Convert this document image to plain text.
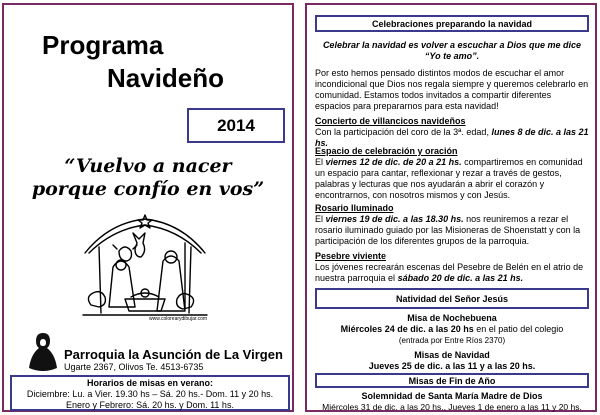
Programa
Navideño
2014
“Vuelvo a nacer
porque confío en vos”
www.colorearydibujar.com
Parroquia la Asunción de La Virgen
Ugarte 2367, Olivos Te. 4513-6735
Horarios de misas en verano:
Diciembre: Lu. a Vier. 19.30 hs – Sá. 20 hs.- Dom. 11 y 20 hs.
Enero y Febrero: Sá. 20 hs. y Dom. 11 hs.
Celebraciones preparando la navidad
Celebrar la navidad es volver a escuchar a Dios que me dice
“Yo te amo”.
Por esto hemos pensado distintos modos de escuchar el amor incondicional que Dios nos regala siempre y queremos celebrarlo en comunidad. Estamos todos invitados a compartir diferentes espacios para prepararnos para esta navidad!
Concierto de villancicos navideños
Con la participación del coro de la 3ª. edad, lunes 8 de dic. a las 21 hs.
Espacio de celebración y oración
El viernes 12 de dic. de 20 a 21 hs. compartiremos en comunidad un espacio para cantar, reflexionar y rezar a través de gestos, palabras y lecturas que nos ayudarán a abrir el corazón y encontrarnos, con nosotros mismos y con Jesús.
Rosario Iluminado
El viernes 19 de dic. a las 18.30 hs. nos reuniremos a rezar el rosario iluminado guiado por las Misioneras de Shoenstatt y con la participación de los diferentes grupos de la parroquia.
Pesebre viviente
Los jóvenes recrearán escenas del Pesebre de Belén en el atrio de nuestra parroquia el sábado 20 de dic. a las 21 hs.
Natividad del Señor Jesús
Misa de Nochebuena
Miércoles 24 de dic. a las 20 hs en el patio del colegio
(entrada por Entre Ríos 2370)
Misas de Navidad
Jueves 25 de dic. a las 11 y a las 20 hs.
Misas de Fin de Año
Solemnidad de Santa María Madre de Dios
Miércoles 31 de dic. a las 20 hs., Jueves 1 de enero a las 11 y 20 hs.
